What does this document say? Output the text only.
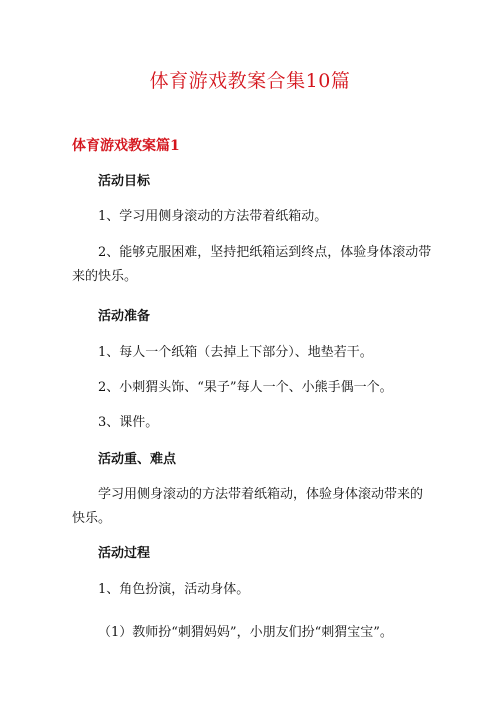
体育游戏教案合集10篇
体育游戏教案篇1
活动目标
1、学习用侧身滚动的方法带着纸箱动。
2、能够克服困难，坚持把纸箱运到终点，体验身体滚动带来的快乐。
活动准备
1、每人一个纸箱（去掉上下部分）、地垫若干。
2、小刺猬头饰、“果子”每人一个、小熊手偶一个。
3、课件。
活动重、难点
学习用侧身滚动的方法带着纸箱动，体验身体滚动带来的快乐。
活动过程
1、角色扮演，活动身体。
（1）教师扮“刺猬妈妈”，小朋友们扮“刺猬宝宝”。
